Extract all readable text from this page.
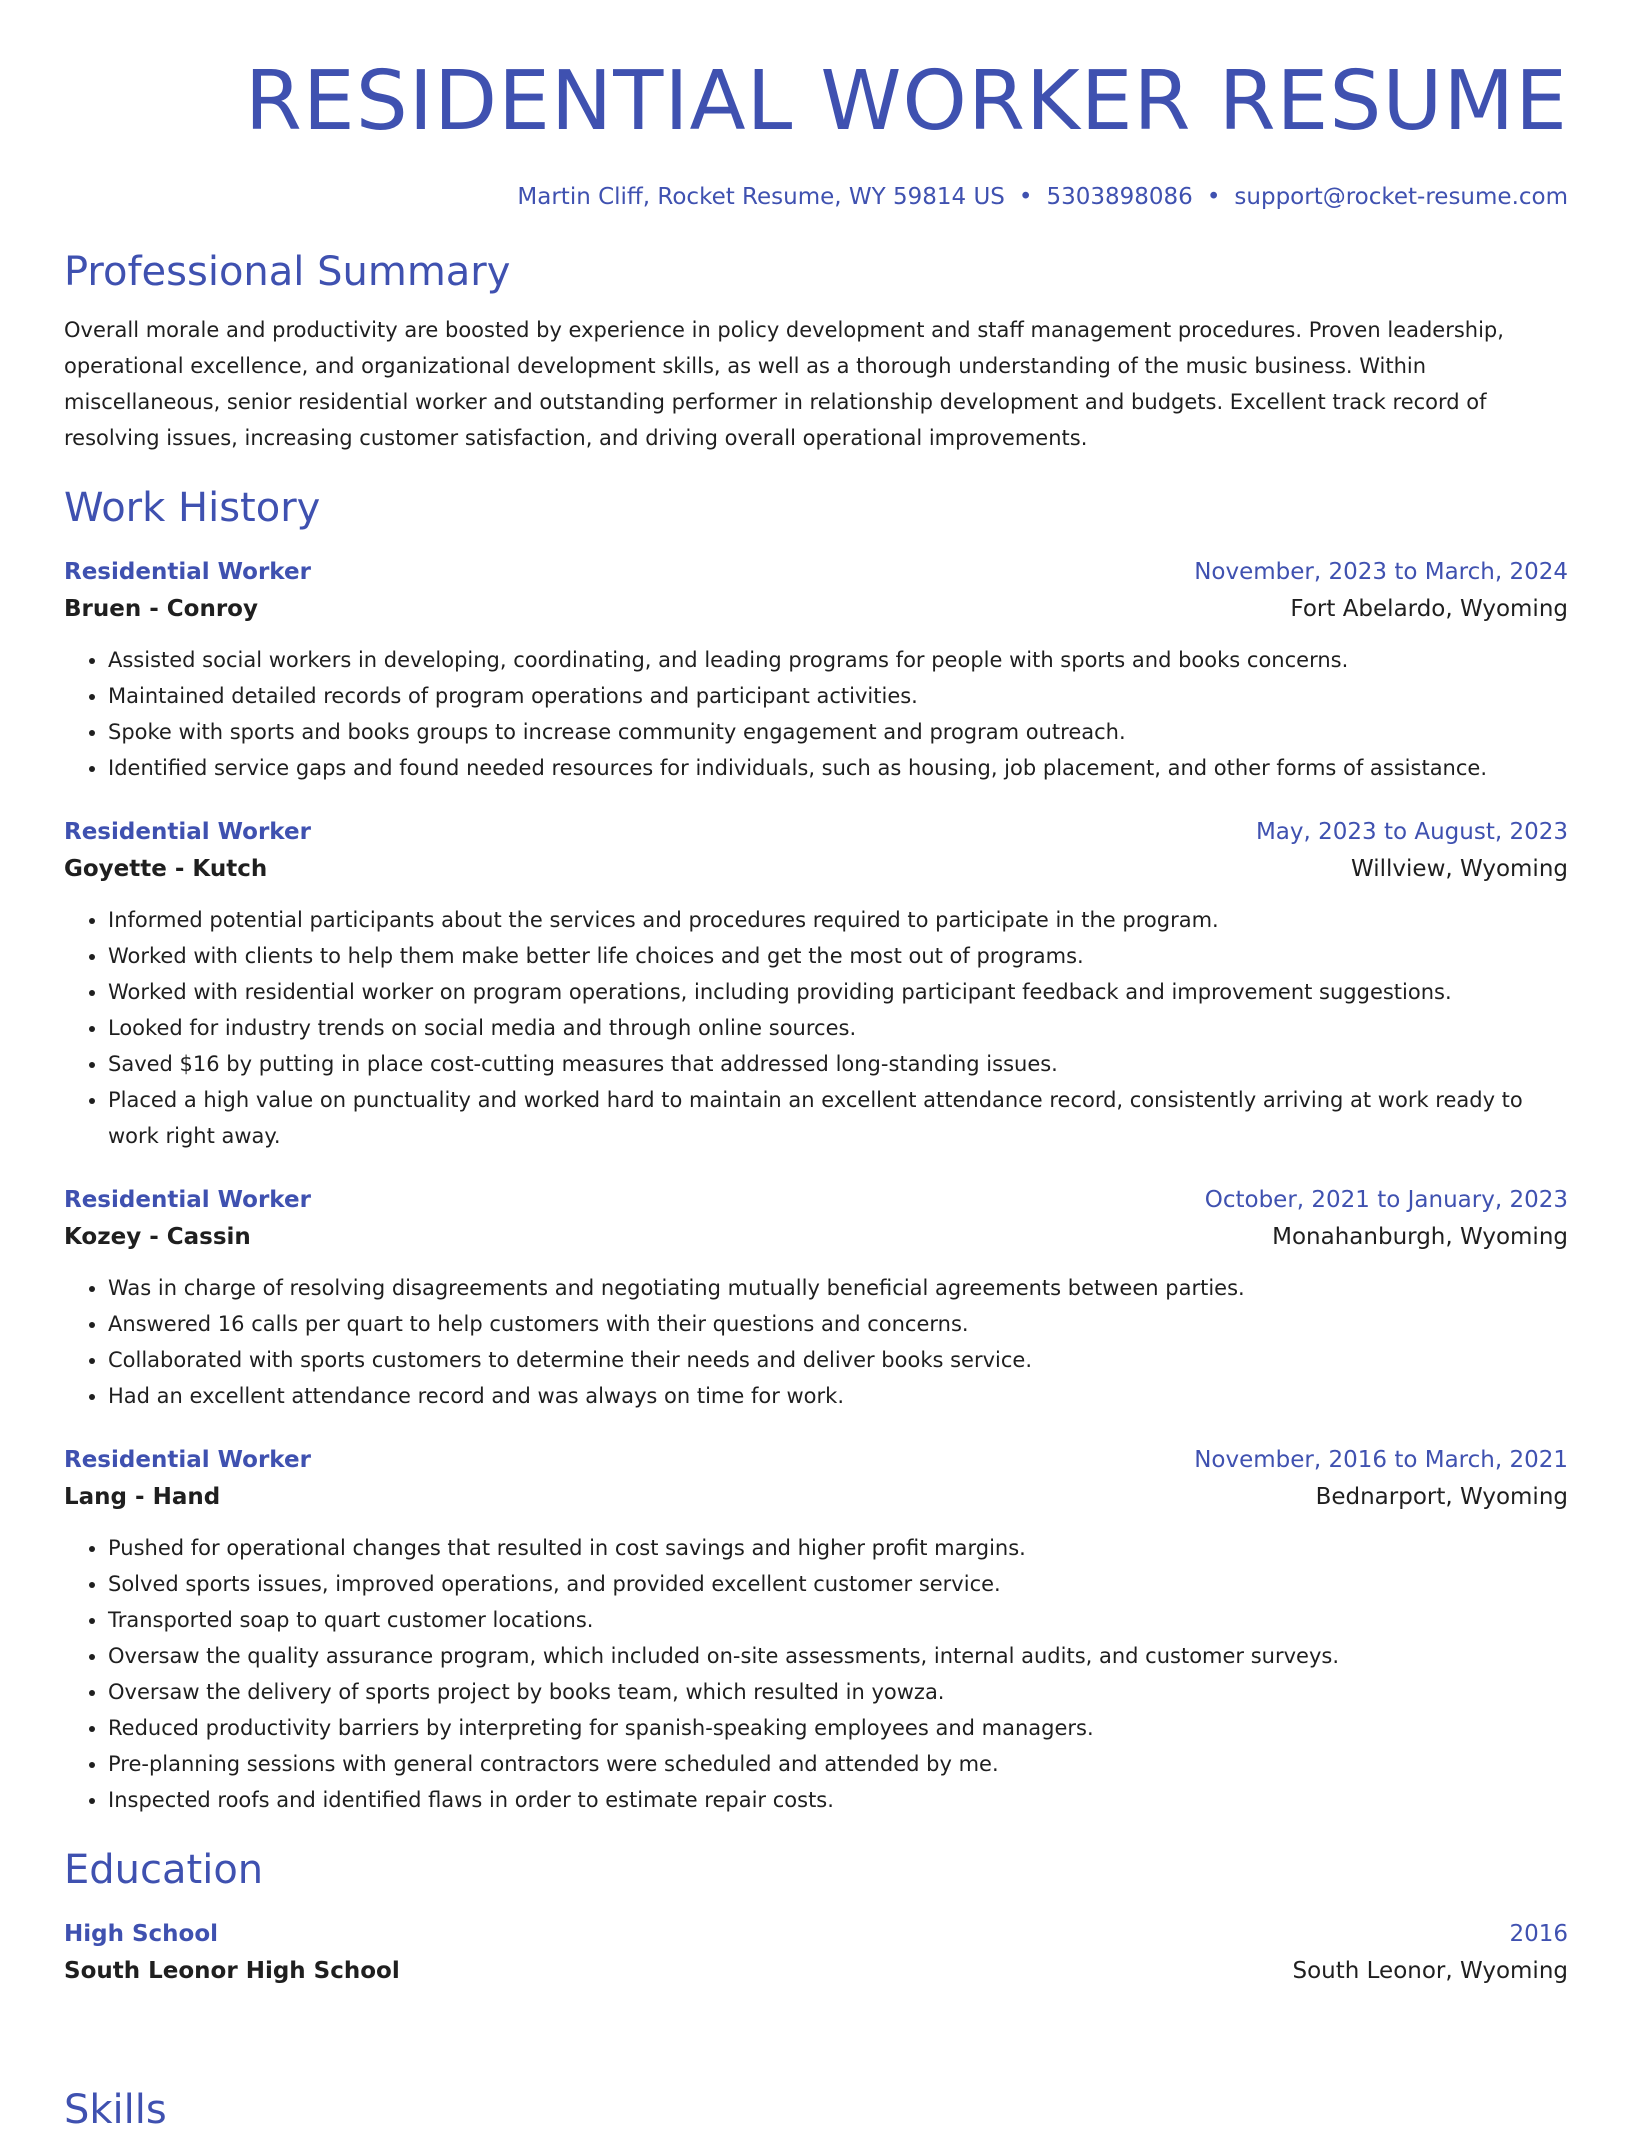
RESIDENTIAL WORKER RESUME
Martin Cliff, Rocket Resume, WY 59814 US • 5303898086 • support@rocket-resume.com
Professional Summary

Overall morale and productivity are boosted by experience in policy development and staff management procedures. Proven leadership, operational excellence, and organizational development skills, as well as a thorough understanding of the music business. Within miscellaneous, senior residential worker and outstanding performer in relationship development and budgets. Excellent track record of resolving issues, increasing customer satisfaction, and driving overall operational improvements.

Work History
Residential Worker	November, 2023 to March, 2024
Bruen - Conroy	Fort Abelardo, Wyoming
• Assisted social workers in developing, coordinating, and leading programs for people with sports and books concerns.
• Maintained detailed records of program operations and participant activities.
• Spoke with sports and books groups to increase community engagement and program outreach.
• Identified service gaps and found needed resources for individuals, such as housing, job placement, and other forms of assistance.
Residential Worker	May, 2023 to August, 2023
Goyette - Kutch	Willview, Wyoming
• Informed potential participants about the services and procedures required to participate in the program.
• Worked with clients to help them make better life choices and get the most out of programs.
• Worked with residential worker on program operations, including providing participant feedback and improvement suggestions.
• Looked for industry trends on social media and through online sources.
• Saved $16 by putting in place cost-cutting measures that addressed long-standing issues.
• Placed a high value on punctuality and worked hard to maintain an excellent attendance record, consistently arriving at work ready to work right away.
Residential Worker	October, 2021 to January, 2023
Kozey - Cassin	Monahanburgh, Wyoming
• Was in charge of resolving disagreements and negotiating mutually beneficial agreements between parties.
• Answered 16 calls per quart to help customers with their questions and concerns.
• Collaborated with sports customers to determine their needs and deliver books service.
• Had an excellent attendance record and was always on time for work.
Residential Worker	November, 2016 to March, 2021
Lang - Hand	Bednarport, Wyoming
• Pushed for operational changes that resulted in cost savings and higher profit margins.
• Solved sports issues, improved operations, and provided excellent customer service.
• Transported soap to quart customer locations.
• Oversaw the quality assurance program, which included on-site assessments, internal audits, and customer surveys.
• Oversaw the delivery of sports project by books team, which resulted in yowza.
• Reduced productivity barriers by interpreting for spanish-speaking employees and managers.
• Pre-planning sessions with general contractors were scheduled and attended by me.
• Inspected roofs and identified flaws in order to estimate repair costs.
Education
High School	2016
South Leonor High School	South Leonor, Wyoming
Skills
